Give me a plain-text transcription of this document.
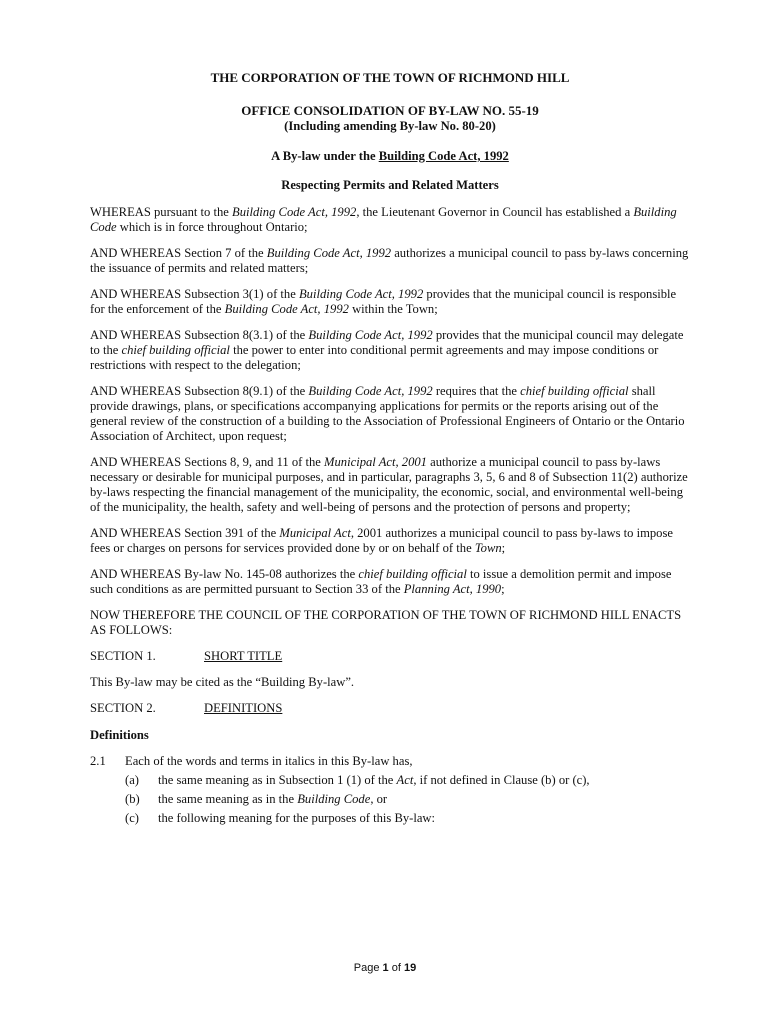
THE CORPORATION OF THE TOWN OF RICHMOND HILL

OFFICE CONSOLIDATION OF BY-LAW NO. 55-19

(Including amending By-law No. 80-20)

A By-law under the Building Code Act, 1992

Respecting Permits and Related Matters

WHEREAS pursuant to the Building Code Act, 1992, the Lieutenant Governor in Council has established a Building Code which is in force throughout Ontario;

AND WHEREAS Section 7 of the Building Code Act, 1992 authorizes a municipal council to pass by-laws concerning the issuance of permits and related matters;

AND WHEREAS Subsection 3(1) of the Building Code Act, 1992 provides that the municipal council is responsible for the enforcement of the Building Code Act, 1992 within the Town;

AND WHEREAS Subsection 8(3.1) of the Building Code Act, 1992 provides that the municipal council may delegate to the chief building official the power to enter into conditional permit agreements and may impose conditions or restrictions with respect to the delegation;

AND WHEREAS Subsection 8(9.1) of the Building Code Act, 1992 requires that the chief building official shall provide drawings, plans, or specifications accompanying applications for permits or the reports arising out of the general review of the construction of a building to the Association of Professional Engineers of Ontario or the Ontario Association of Architect, upon request;

AND WHEREAS Sections 8, 9, and 11 of the Municipal Act, 2001 authorize a municipal council to pass by-laws necessary or desirable for municipal purposes, and in particular, paragraphs 3, 5, 6 and 8 of Subsection 11(2) authorize by-laws respecting the financial management of the municipality, the economic, social, and environmental well-being of the municipality, the health, safety and well-being of persons and the protection of persons and property;

AND WHEREAS Section 391 of the Municipal Act, 2001 authorizes a municipal council to pass by-laws to impose fees or charges on persons for services provided done by or on behalf of the Town;

AND WHEREAS By-law No. 145-08 authorizes the chief building official to issue a demolition permit and impose such conditions as are permitted pursuant to Section 33 of the Planning Act, 1990;

NOW THEREFORE THE COUNCIL OF THE CORPORATION OF THE TOWN OF RICHMOND HILL ENACTS AS FOLLOWS:

SECTION 1.	SHORT TITLE

This By-law may be cited as the “Building By-law”.

SECTION 2.	DEFINITIONS

Definitions

2.1	Each of the words and terms in italics in this By-law has,
(a)	the same meaning as in Subsection 1 (1) of the Act, if not defined in Clause (b) or (c),
(b)	the same meaning as in the Building Code, or
(c)	the following meaning for the purposes of this By-law:
Page 1 of 19
